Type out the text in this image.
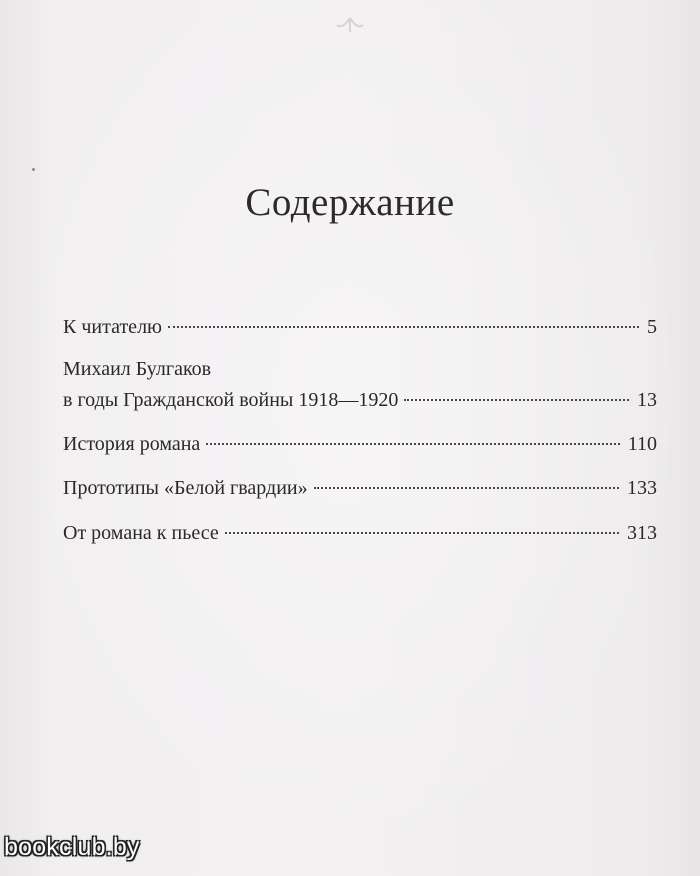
Содержание
К читателю	5
Михаил Булгаков
в годы Гражданской войны 1918—1920	13
История романа	110
Прототипы «Белой гвардии»	133
От романа к пьесе	313
bookclub.by
